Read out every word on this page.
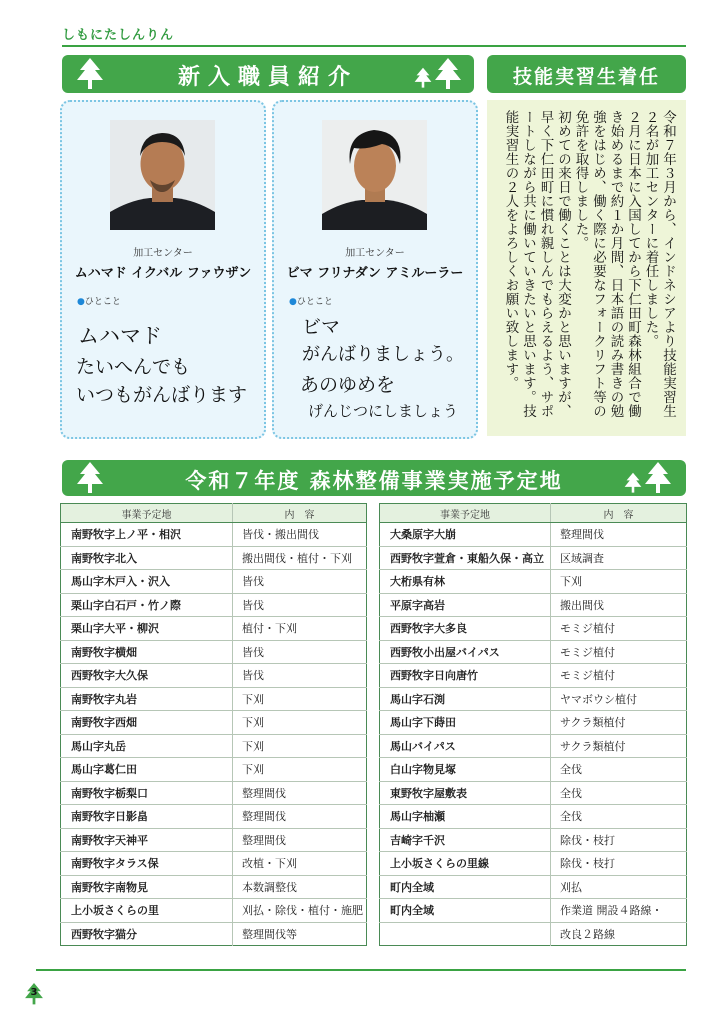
しもにたしんりん
新入職員紹介	技能実習生着任
加工センター
ムハマド イクバル ファウザン
●ひとこと
ムハマド
たいへんでも
いつもがんばります
加工センター
ビマ フリナダン アミルーラー
●ひとこと
ビマ
がんばりましょう。
あのゆめを
げんじつにしましょう	令和７年３月から、インドネシアより技能実習生２名が加工センターに着任しました。

２月に日本に入国してから下仁田町森林組合で働き始めるまで約１か月間、日本語の読み書きの勉強をはじめ、働く際に必要なフォークリフト等の免許を取得しました。

初めての来日で働くことは大変かと思いますが、早く下仁田町に慣れ親しんでもらえるよう、サポートしながら共に働いていきたいと思います。技能実習生の２人をよろしくお願い致します。

令和７年度 森林整備事業実施予定地
事業予定地	内　容
南野牧字上ノ平・相沢	皆伐・搬出間伐
南野牧字北入	搬出間伐・植付・下刈
馬山字木戸入・沢入	皆伐
栗山字白石戸・竹ノ際	皆伐
栗山字大平・柳沢	植付・下刈
南野牧字横畑	皆伐
西野牧字大久保	皆伐
南野牧字丸岩	下刈
南野牧字西畑	下刈
馬山字丸岳	下刈
馬山字葛仁田	下刈
南野牧字栃梨口	整理間伐
南野牧字日影畠	整理間伐
南野牧字天神平	整理間伐
南野牧字タラス保	改植・下刈
南野牧字南物見	本数調整伐
上小坂さくらの里	刈払・除伐・植付・施肥
西野牧字猫分	整理間伐等
事業予定地	内　容
大桑原字大崩	整理間伐
西野牧字萱倉・東船久保・高立	区域調査
大桁県有林	下刈
平原字高岩	搬出間伐
西野牧字大多良	モミジ植付
西野牧小出屋バイパス	モミジ植付
西野牧字日向唐竹	モミジ植付
馬山字石渕	ヤマボウシ植付
馬山字下蒔田	サクラ類植付
馬山バイパス	サクラ類植付
白山字物見塚	全伐
東野牧字屋敷表	全伐
馬山字柚瀬	全伐
吉崎字千沢	除伐・枝打
上小坂さくらの里線	除伐・枝打
町内全域	刈払
町内全域	作業道 開設４路線・
	改良２路線
3
